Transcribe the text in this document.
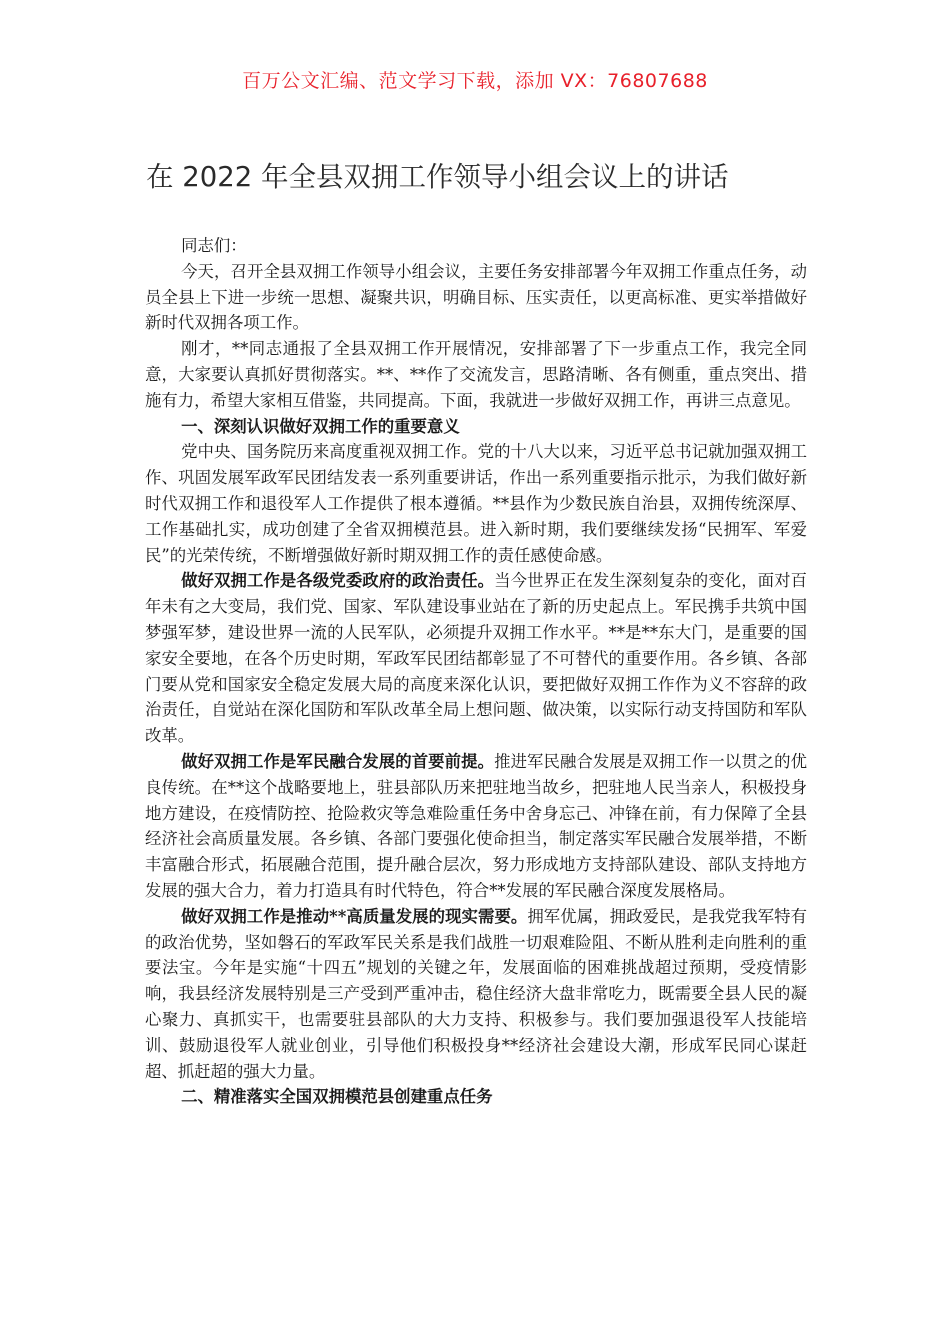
百万公文汇编、范文学习下载，添加 VX：76807688
在 2022 年全县双拥工作领导小组会议上的讲话

同志们：

今天，召开全县双拥工作领导小组会议，主要任务安排部署今年双拥工作重点任务，动员全县上下进一步统一思想、凝聚共识，明确目标、压实责任，以更高标准、更实举措做好新时代双拥各项工作。

刚才，**同志通报了全县双拥工作开展情况，安排部署了下一步重点工作，我完全同意，大家要认真抓好贯彻落实。**、**作了交流发言，思路清晰、各有侧重，重点突出、措施有力，希望大家相互借鉴，共同提高。下面，我就进一步做好双拥工作，再讲三点意见。

一、深刻认识做好双拥工作的重要意义

党中央、国务院历来高度重视双拥工作。党的十八大以来，习近平总书记就加强双拥工作、巩固发展军政军民团结发表一系列重要讲话，作出一系列重要指示批示，为我们做好新时代双拥工作和退役军人工作提供了根本遵循。**县作为少数民族自治县，双拥传统深厚、工作基础扎实，成功创建了全省双拥模范县。进入新时期，我们要继续发扬“民拥军、军爱民”的光荣传统，不断增强做好新时期双拥工作的责任感使命感。

做好双拥工作是各级党委政府的政治责任。当今世界正在发生深刻复杂的变化，面对百年未有之大变局，我们党、国家、军队建设事业站在了新的历史起点上。军民携手共筑中国梦强军梦，建设世界一流的人民军队，必须提升双拥工作水平。**是**东大门，是重要的国家安全要地，在各个历史时期，军政军民团结都彰显了不可替代的重要作用。各乡镇、各部门要从党和国家安全稳定发展大局的高度来深化认识，要把做好双拥工作作为义不容辞的政治责任，自觉站在深化国防和军队改革全局上想问题、做决策，以实际行动支持国防和军队改革。

做好双拥工作是军民融合发展的首要前提。推进军民融合发展是双拥工作一以贯之的优良传统。在**这个战略要地上，驻县部队历来把驻地当故乡，把驻地人民当亲人，积极投身地方建设，在疫情防控、抢险救灾等急难险重任务中舍身忘己、冲锋在前，有力保障了全县经济社会高质量发展。各乡镇、各部门要强化使命担当，制定落实军民融合发展举措，不断丰富融合形式，拓展融合范围，提升融合层次，努力形成地方支持部队建设、部队支持地方发展的强大合力，着力打造具有时代特色，符合**发展的军民融合深度发展格局。

做好双拥工作是推动**高质量发展的现实需要。拥军优属，拥政爱民，是我党我军特有的政治优势，坚如磐石的军政军民关系是我们战胜一切艰难险阻、不断从胜利走向胜利的重要法宝。今年是实施“十四五”规划的关键之年，发展面临的困难挑战超过预期，受疫情影响，我县经济发展特别是三产受到严重冲击，稳住经济大盘非常吃力，既需要全县人民的凝心聚力、真抓实干，也需要驻县部队的大力支持、积极参与。我们要加强退役军人技能培训、鼓励退役军人就业创业，引导他们积极投身**经济社会建设大潮，形成军民同心谋赶超、抓赶超的强大力量。

二、精准落实全国双拥模范县创建重点任务
